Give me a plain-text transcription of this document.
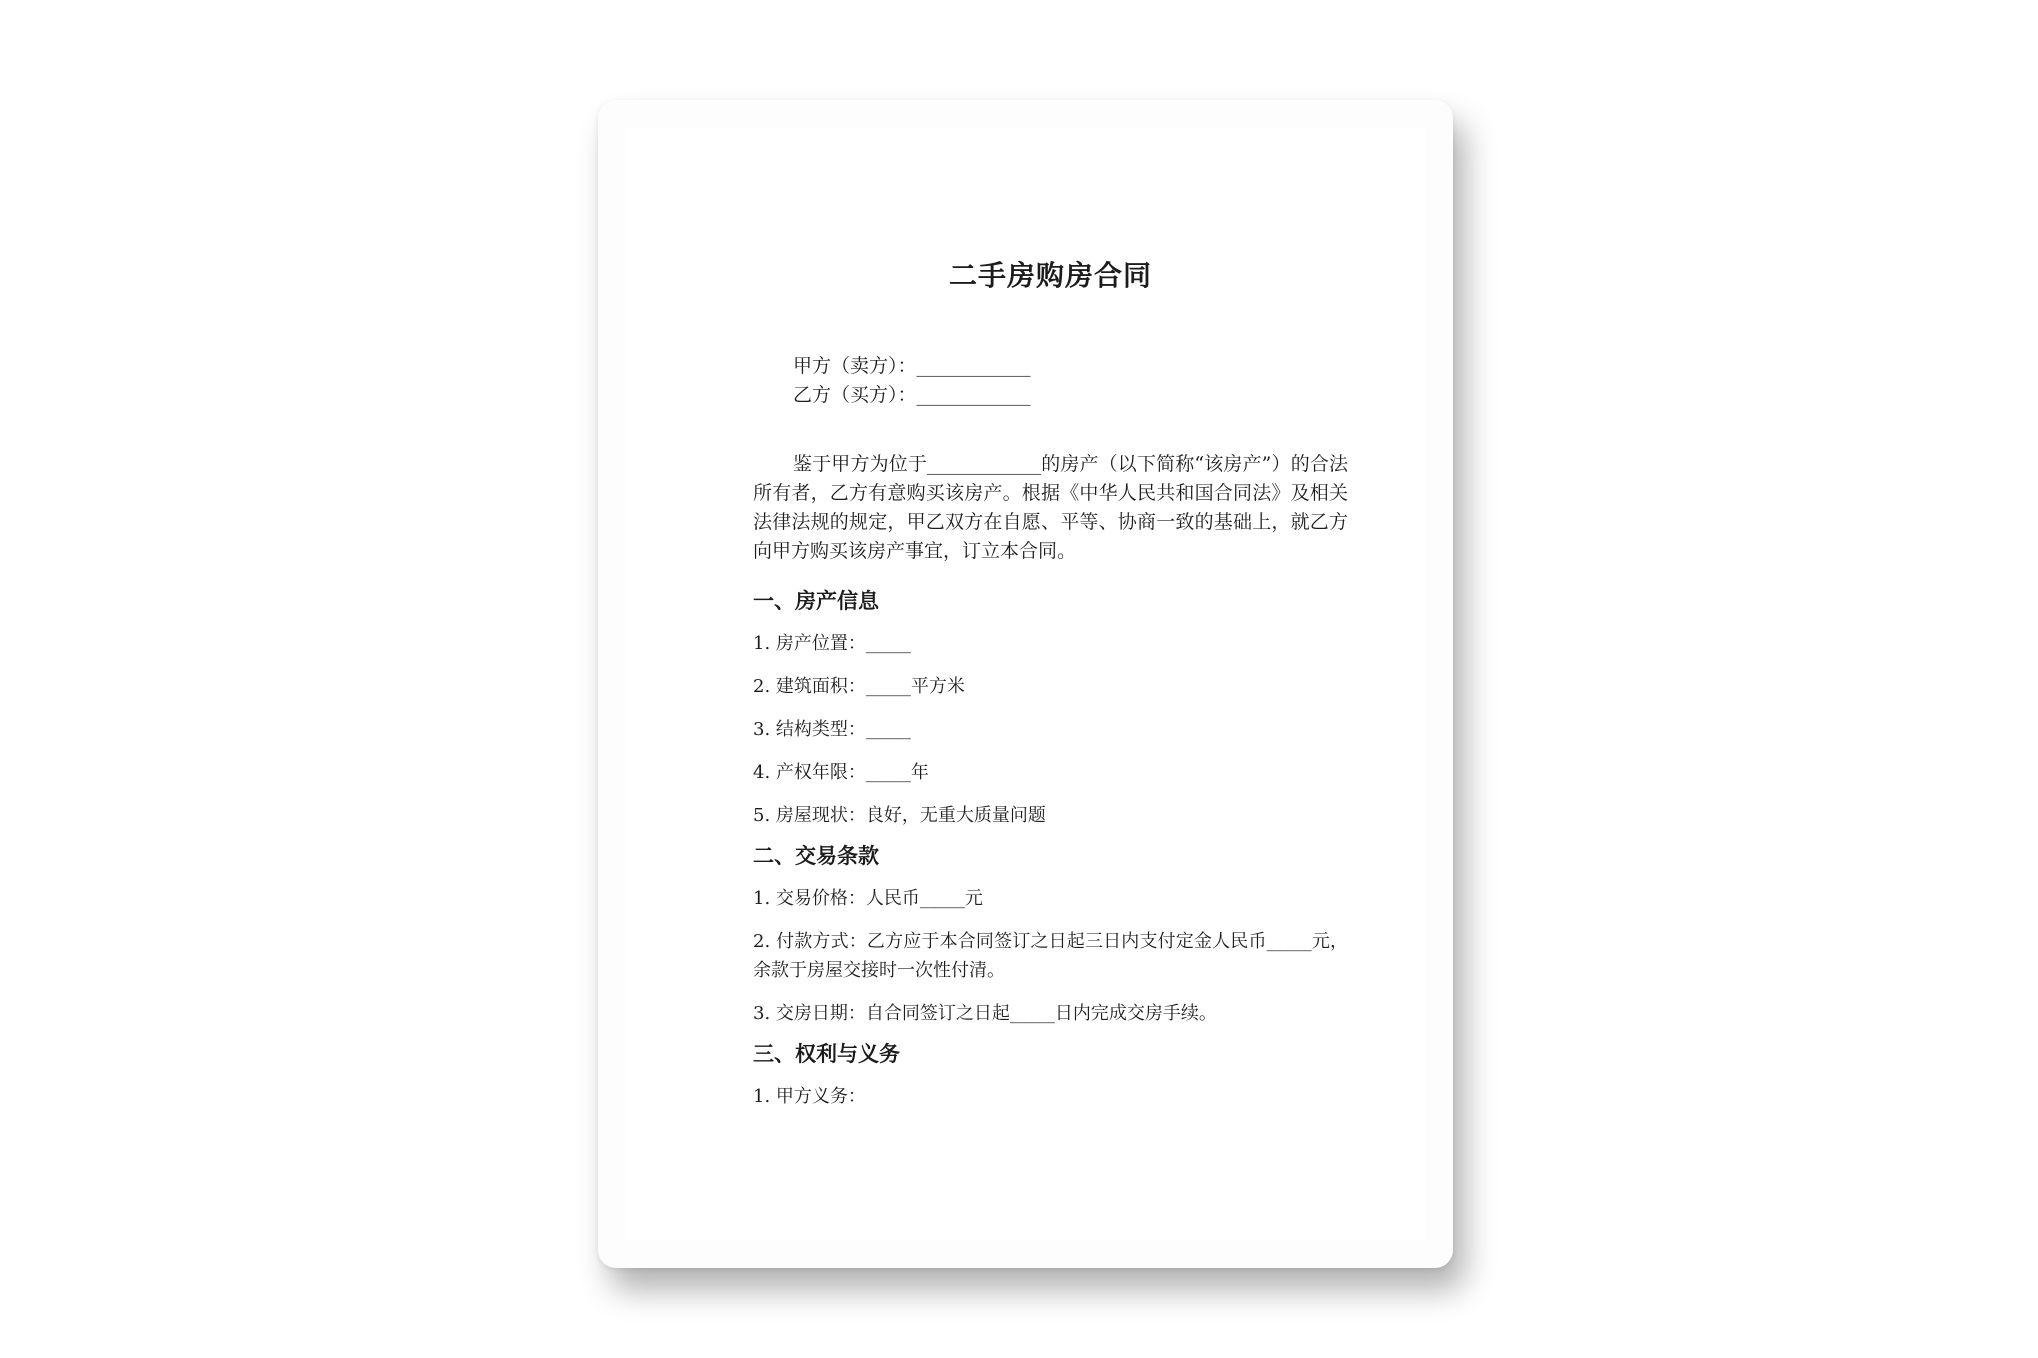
二手房购房合同
甲方（卖方）：____________
乙方（买方）：____________

鉴于甲方为位于____________的房产（以下简称“该房产”）的合法所有者，乙方有意购买该房产。根据《中华人民共和国合同法》及相关法律法规的规定，甲乙双方在自愿、平等、协商一致的基础上，就乙方向甲方购买该房产事宜，订立本合同。

一、房产信息
1. 房产位置：_____
2. 建筑面积：_____平方米
3. 结构类型：_____
4. 产权年限：_____年
5. 房屋现状：良好，无重大质量问题
二、交易条款
1. 交易价格：人民币_____元
2. 付款方式：乙方应于本合同签订之日起三日内支付定金人民币_____元，余款于房屋交接时一次性付清。
3. 交房日期：自合同签订之日起_____日内完成交房手续。
三、权利与义务
1. 甲方义务：
